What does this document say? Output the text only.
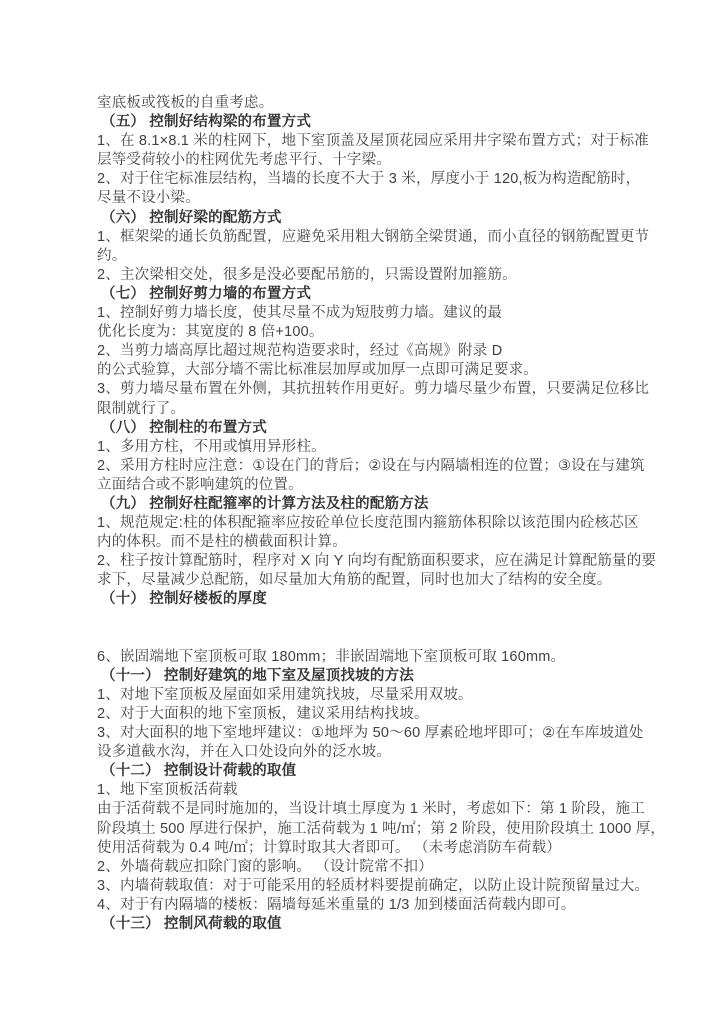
室底板或筏板的自重考虑。
（五） 控制好结构梁的布置方式
1、在 8.1×8.1 米的柱网下，地下室顶盖及屋顶花园应采用井字梁布置方式；对于标准
层等受荷较小的柱网优先考虑平行、十字梁。
2、对于住宅标准层结构，当墙的长度不大于 3 米，厚度小于 120,板为构造配筋时，
尽量不设小梁。
（六） 控制好梁的配筋方式
1、框架梁的通长负筋配置，应避免采用粗大钢筋全梁贯通，而小直径的钢筋配置更节
约。
2、主次梁相交处，很多是没必要配吊筋的，只需设置附加箍筋。
（七） 控制好剪力墙的布置方式
1、控制好剪力墙长度，使其尽量不成为短肢剪力墙。建议的最
优化长度为：其宽度的 8 倍+100。
2、当剪力墙高厚比超过规范构造要求时，经过《高规》附录 D
的公式验算，大部分墙不需比标准层加厚或加厚一点即可满足要求。
3、剪力墙尽量布置在外侧，其抗扭转作用更好。剪力墙尽量少布置，只要满足位移比
限制就行了。
（八） 控制柱的布置方式
1、多用方柱，不用或慎用异形柱。
2、采用方柱时应注意：①设在门的背后；②设在与内隔墙相连的位置；③设在与建筑
立面结合或不影响建筑的位置。
（九） 控制好柱配箍率的计算方法及柱的配筋方法
1、规范规定:柱的体积配箍率应按砼单位长度范围内箍筋体积除以该范围内砼核芯区
内的体积。而不是柱的横截面积计算。
2、柱子按计算配筋时，程序对 X 向 Y 向均有配筋面积要求，应在满足计算配筋量的要
求下，尽量减少总配筋，如尽量加大角筋的配置，同时也加大了结构的安全度。
（十） 控制好楼板的厚度
6、嵌固端地下室顶板可取 180mm；非嵌固端地下室顶板可取 160mm。
（十一） 控制好建筑的地下室及屋顶找坡的方法
1、对地下室顶板及屋面如采用建筑找坡，尽量采用双坡。
2、对于大面积的地下室顶板，建议采用结构找坡。
3、对大面积的地下室地坪建议：①地坪为 50～60 厚素砼地坪即可；②在车库坡道处
设多道截水沟，并在入口处设向外的泛水坡。
（十二） 控制设计荷载的取值
1、地下室顶板活荷载
由于活荷载不是同时施加的，当设计填土厚度为 1 米时，考虑如下：第 1 阶段，施工
阶段填土 500 厚进行保护，施工活荷载为 1 吨/㎡；第 2 阶段，使用阶段填土 1000 厚，
使用活荷载为 0.4 吨/㎡；计算时取其大者即可。 （未考虑消防车荷载）
2、外墙荷载应扣除门窗的影响。 （设计院常不扣）
3、内墙荷载取值：对于可能采用的轻质材料要提前确定，以防止设计院预留量过大。
4、对于有内隔墙的楼板：隔墙每延米重量的 1/3 加到楼面活荷载内即可。
（十三） 控制风荷载的取值
